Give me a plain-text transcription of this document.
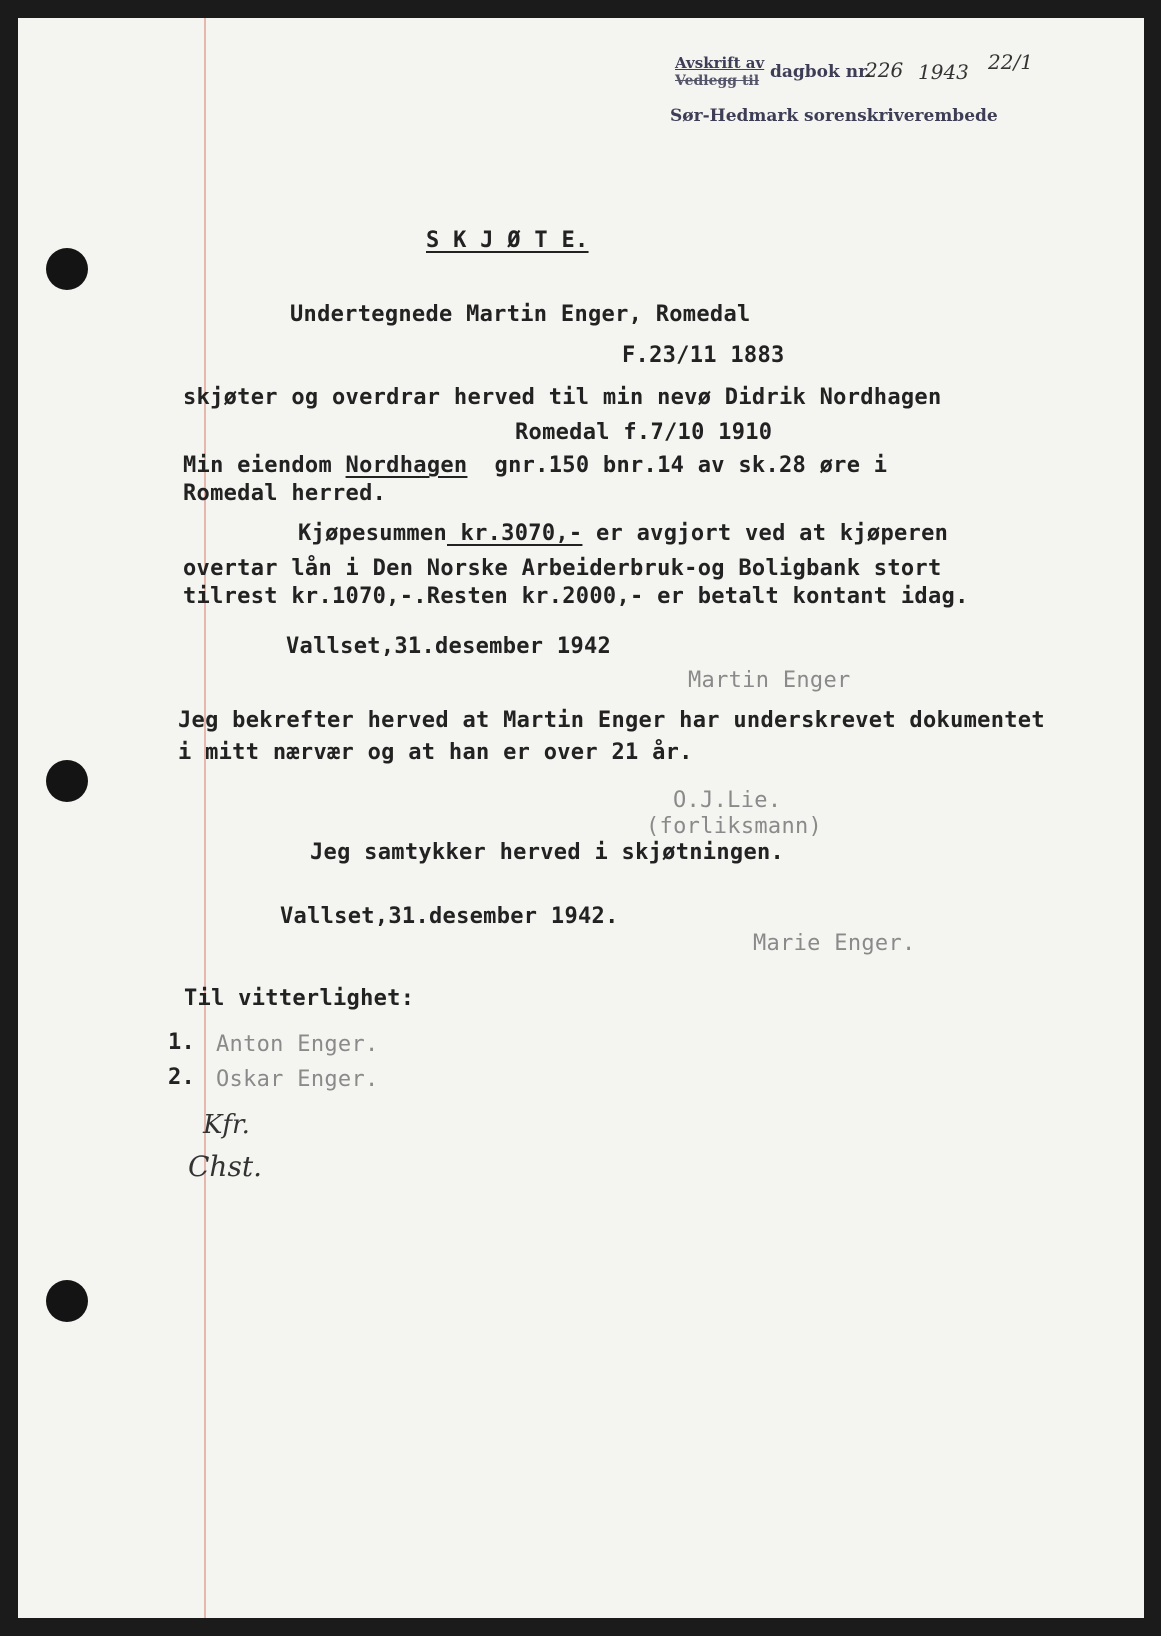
Avskrift av
Vedlegg til dagbok nr.
226 1943 22/1
Sør-Hedmark sorenskriverembede
S K J Ø T E.
Undertegnede Martin Enger, Romedal
F.23/11 1883
skjøter og overdrar herved til min nevø Didrik Nordhagen
Romedal f.7/10 1910
Min eiendom Nordhagen  gnr.150 bnr.14 av sk.28 øre i
Romedal herred.
Kjøpesummen kr.3070,- er avgjort ved at kjøperen
overtar lån i Den Norske Arbeiderbruk-og Boligbank stort
tilrest kr.1070,-.Resten kr.2000,- er betalt kontant idag.
Vallset,31.desember 1942
Martin Enger
Jeg bekrefter herved at Martin Enger har underskrevet dokumentet
i mitt nærvær og at han er over 21 år.
O.J.Lie.
(forliksmann)
Jeg samtykker herved i skjøtningen.
Vallset,31.desember 1942.
Marie Enger.
Til vitterlighet:
1. Anton Enger.
2. Oskar Enger.
Kfr.
Chst.
